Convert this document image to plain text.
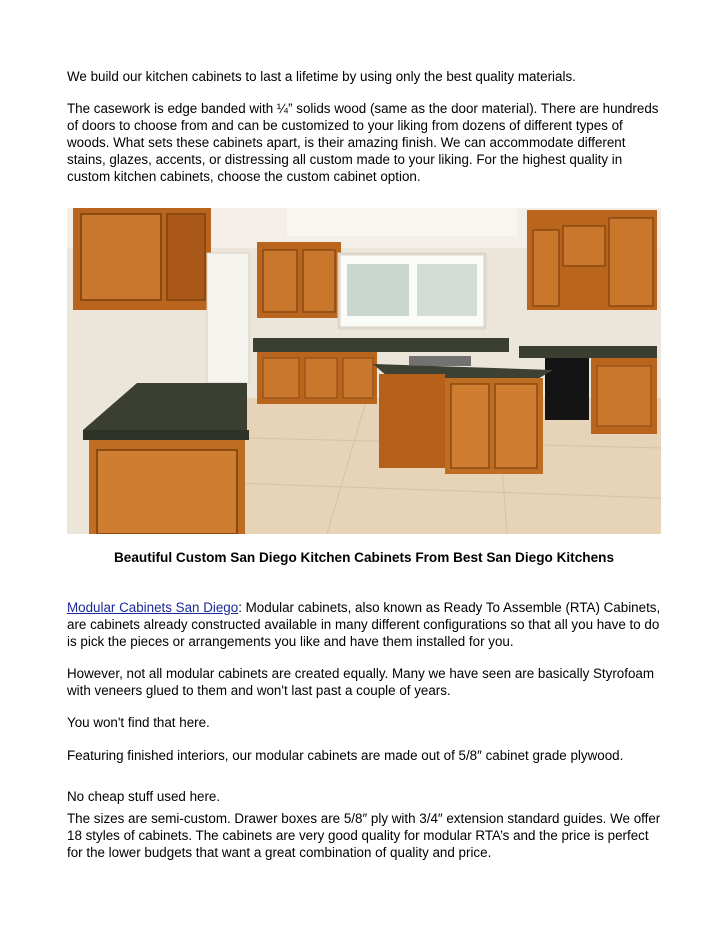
We build our kitchen cabinets to last a lifetime by using only the best quality materials.

The casework is edge banded with ¼” solids wood (same as the door material). There are hundreds of doors to choose from and can be customized to your liking from dozens of different types of woods. What sets these cabinets apart, is their amazing finish. We can accommodate different stains, glazes, accents, or distressing all custom made to your liking. For the highest quality in custom kitchen cabinets, choose the custom cabinet option.

Beautiful Custom San Diego Kitchen Cabinets From Best San Diego Kitchens

Modular Cabinets San Diego: Modular cabinets, also known as Ready To Assemble (RTA) Cabinets, are cabinets already constructed available in many different configurations so that all you have to do is pick the pieces or arrangements you like and have them installed for you.

However, not all modular cabinets are created equally. Many we have seen are basically Styrofoam with veneers glued to them and won't last past a couple of years.

You won't find that here.

Featuring finished interiors, our modular cabinets are made out of 5/8″ cabinet grade plywood.

No cheap stuff used here.

The sizes are semi-custom. Drawer boxes are 5/8″ ply with 3/4″ extension standard guides. We offer 18 styles of cabinets. The cabinets are very good quality for modular RTA’s and the price is perfect for the lower budgets that want a great combination of quality and price.
